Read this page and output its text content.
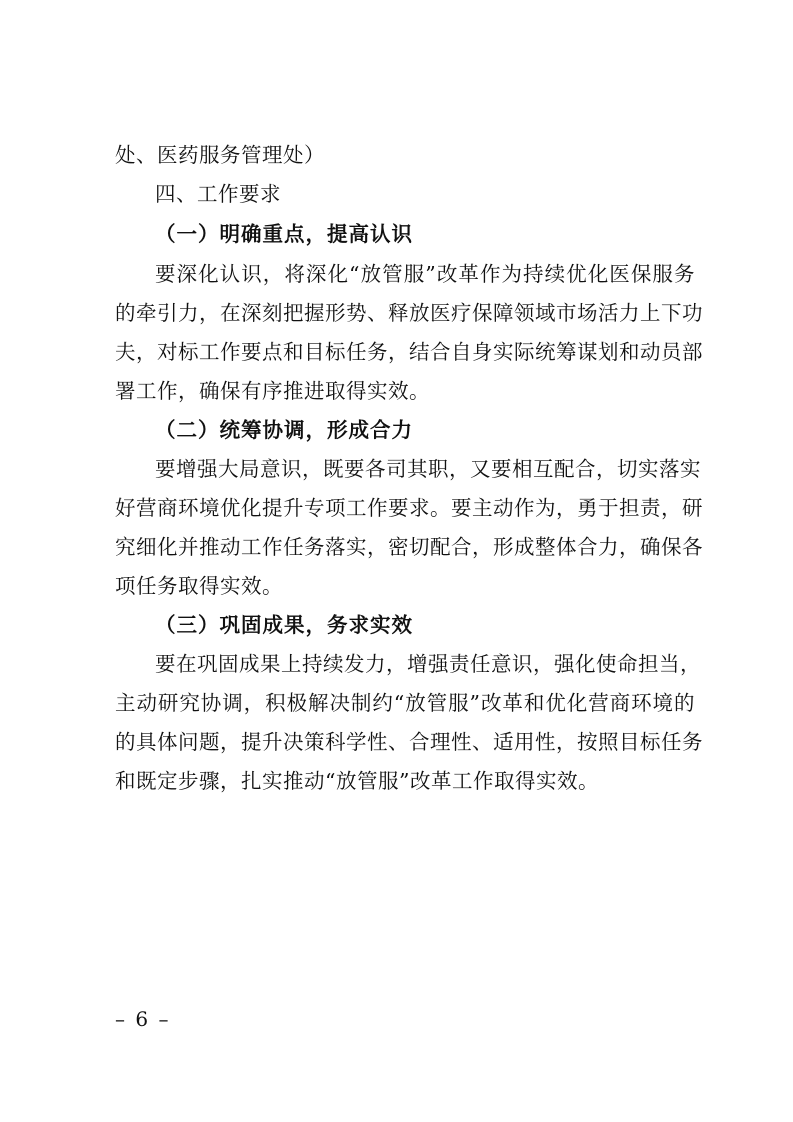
处、医药服务管理处）
四、工作要求
（一）明确重点，提高认识
要深化认识，将深化“放管服”改革作为持续优化医保服务
的牵引力，在深刻把握形势、释放医疗保障领域市场活力上下功
夫，对标工作要点和目标任务，结合自身实际统筹谋划和动员部
署工作，确保有序推进取得实效。
（二）统筹协调，形成合力
要增强大局意识，既要各司其职，又要相互配合，切实落实
好营商环境优化提升专项工作要求。要主动作为，勇于担责，研
究细化并推动工作任务落实，密切配合，形成整体合力，确保各
项任务取得实效。
（三）巩固成果，务求实效
要在巩固成果上持续发力，增强责任意识，强化使命担当，
主动研究协调，积极解决制约“放管服”改革和优化营商环境的
的具体问题，提升决策科学性、合理性、适用性，按照目标任务
和既定步骤，扎实推动“放管服”改革工作取得实效。
– 6 –
